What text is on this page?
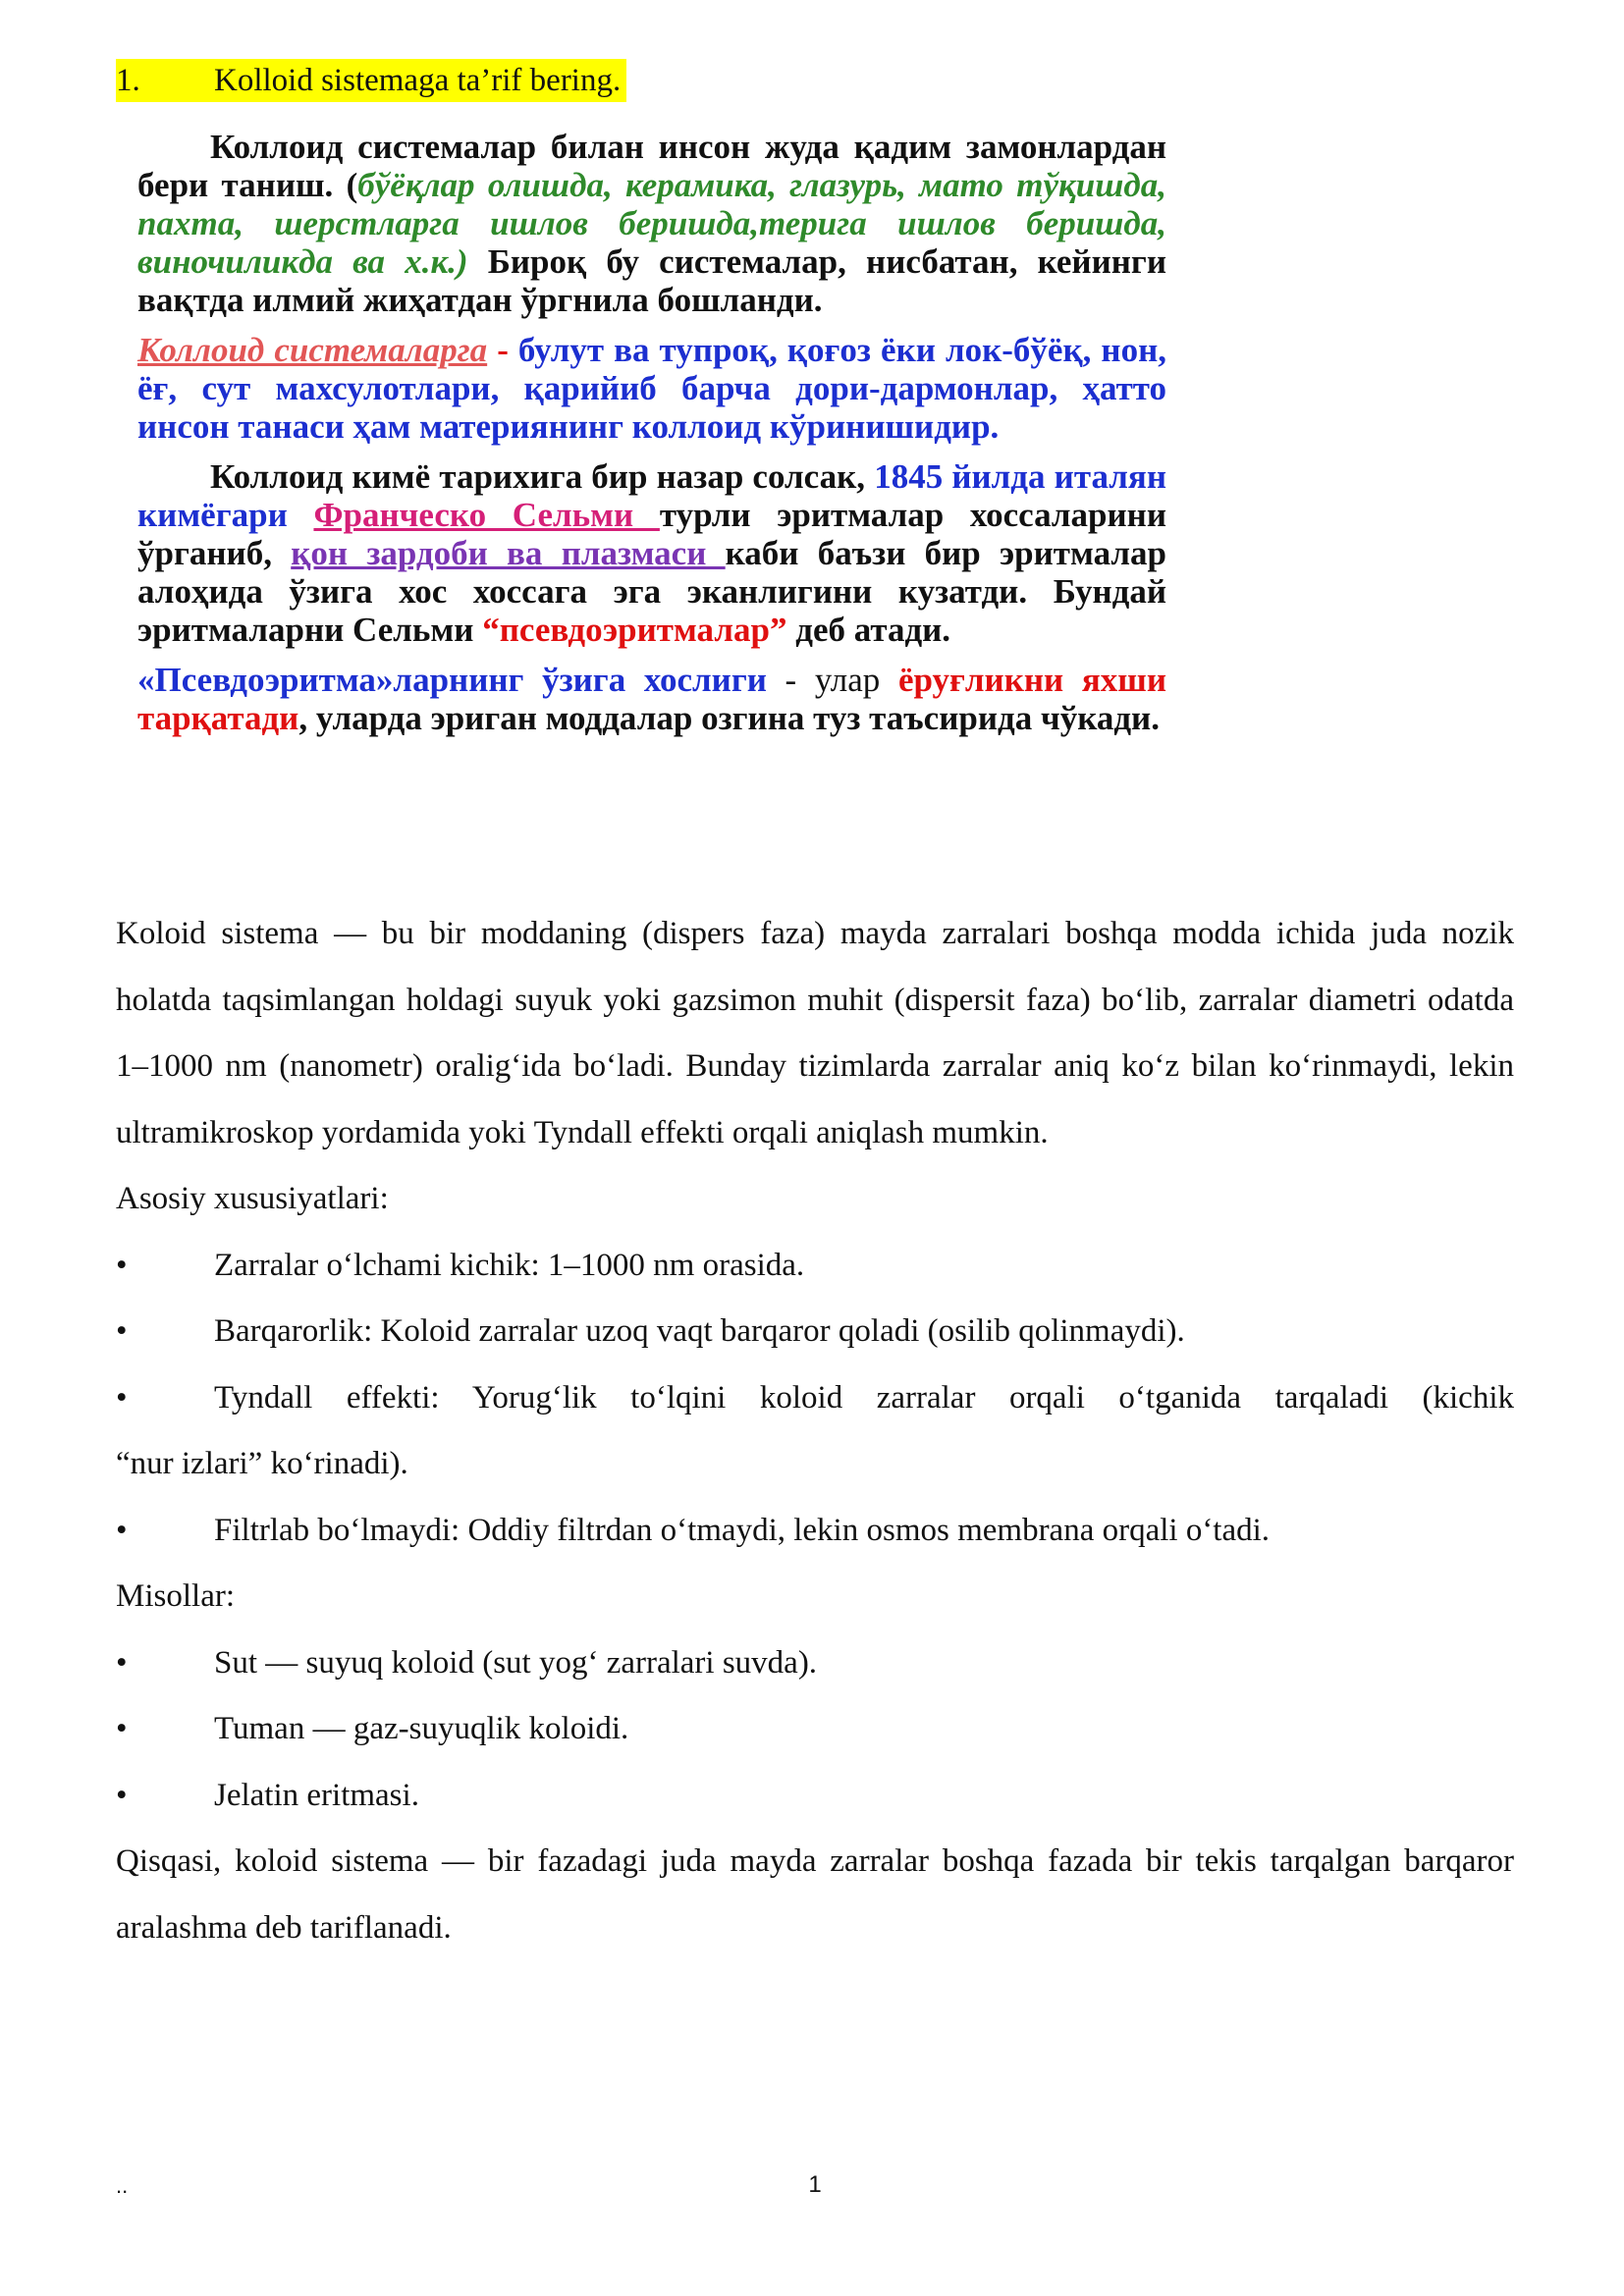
1.	Kolloid sistemaga ta’rif bering.

Коллоид системалар билан инсон жуда қадим замонлардан бери таниш. (бўёқлар олишда, керамика, глазурь, мато тўқишда, пахта, шерстларга ишлов беришда,терига ишлов беришда, виночиликда ва х.к.) Бироқ бу системалар, нисбатан, кейинги вақтда илмий жиҳатдан ўргнила бошланди.

Коллоид системаларга - булут ва тупроқ, қоғоз ёки лок-бўёқ, нон, ёғ, сут махсулотлари, қарийиб барча дори-дармонлар, ҳатто инсон танаси ҳам материянинг коллоид кўринишидир.

Коллоид кимё тарихига бир назар солсак, 1845 йилда италян кимёгари Франческо Сельми турли эритмалар хоссаларини ўрганиб, қон зардоби ва плазмаси каби баъзи бир эритмалар алоҳида ўзига хос хоссага эга эканлигини кузатди. Бундай эритмаларни Сельми “псевдоэритмалар” деб атади.

«Псевдоэритма»ларнинг ўзига хослиги - улар ёруғликни яхши тарқатади, уларда эриган моддалар озгина туз таъсирида чўкади.

Koloid sistema — bu bir moddaning (dispers faza) mayda zarralari boshqa modda ichida juda nozik holatda taqsimlangan holdagi suyuk yoki gazsimon muhit (dispersit faza) bo‘lib, zarralar diametri odatda 1–1000 nm (nanometr) oralig‘ida bo‘ladi. Bunday tizimlarda zarralar aniq ko‘z bilan ko‘rinmaydi, lekin ultramikroskop yordamida yoki Tyndall effekti orqali aniqlash mumkin.

Asosiy xususiyatlari:

•	Zarralar o‘lchami kichik: 1–1000 nm orasida.
•	Barqarorlik: Koloid zarralar uzoq vaqt barqaror qoladi (osilib qolinmaydi).
•	Tyndall effekti: Yorug‘lik to‘lqini koloid zarralar orqali o‘tganida tarqaladi (kichik

“nur izlari” ko‘rinadi).

•	Filtrlab bo‘lmaydi: Oddiy filtrdan o‘tmaydi, lekin osmos membrana orqali o‘tadi.

Misollar:

•	Sut — suyuq koloid (sut yog‘ zarralari suvda).
•	Tuman — gaz-suyuqlik koloidi.
•	Jelatin eritmasi.

Qisqasi, koloid sistema — bir fazadagi juda mayda zarralar boshqa fazada bir tekis tarqalgan barqaror aralashma deb tariflanadi.

..	1
